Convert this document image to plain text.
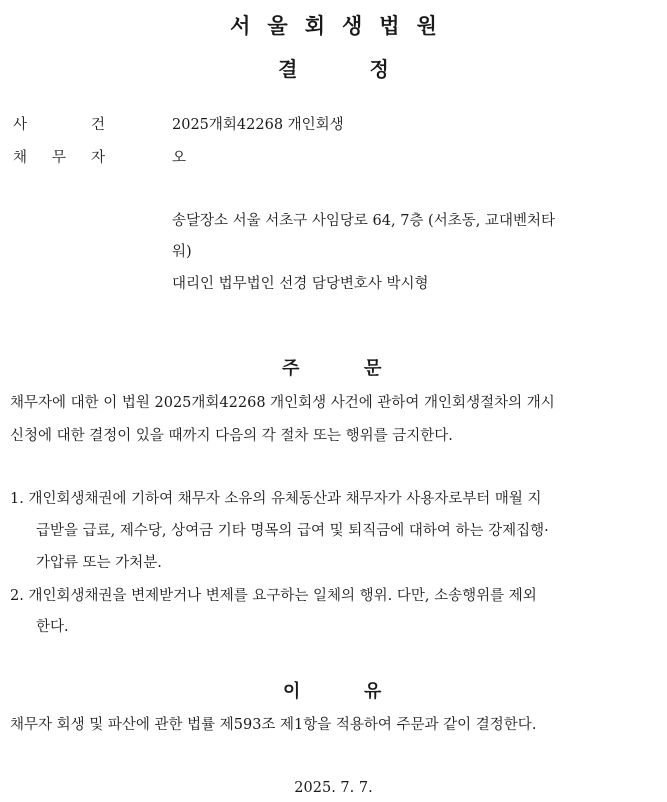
서울회생법원
결정
사	건	2025개회42268 개인회생
채 무 자	오
송달장소 서울 서초구 사임당로 64, 7층 (서초동, 교대벤처타
워)
대리인 법무법인 선경 담당변호사 박시형
주	문
채무자에 대한 이 법원 2025개회42268 개인회생 사건에 관하여 개인회생절차의 개시
신청에 대한 결정이 있을 때까지 다음의 각 절차 또는 행위를 금지한다.
1. 개인회생채권에 기하여 채무자 소유의 유체동산과 채무자가 사용자로부터 매월 지
급받을 급료, 제수당, 상여금 기타 명목의 급여 및 퇴직금에 대하여 하는 강제집행·
가압류 또는 가처분.
2. 개인회생채권을 변제받거나 변제를 요구하는 일체의 행위. 다만, 소송행위를 제외
한다.
이	유
채무자 회생 및 파산에 관한 법률 제593조 제1항을 적용하여 주문과 같이 결정한다.
2025. 7. 7.
